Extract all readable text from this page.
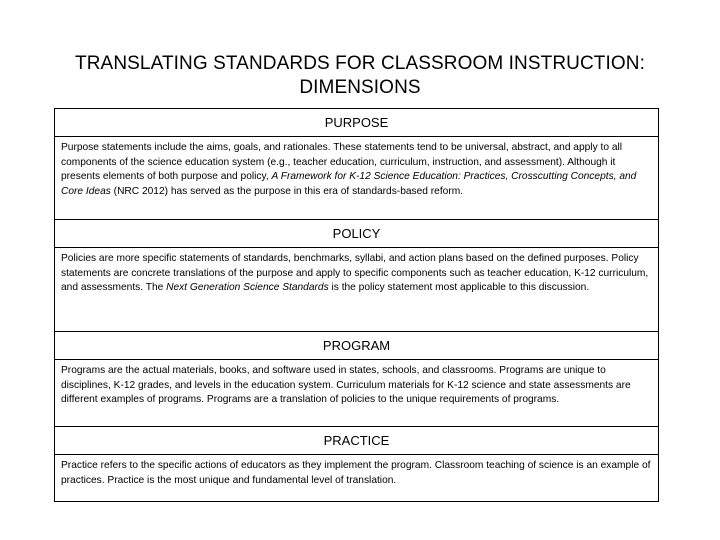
TRANSLATING STANDARDS FOR CLASSROOM INSTRUCTION:
DIMENSIONS
PURPOSE
Purpose statements include the aims, goals, and rationales. These statements tend to be universal, abstract, and apply to all components of the science education system (e.g., teacher education, curriculum, instruction, and assessment). Although it presents elements of both purpose and policy, A Framework for K-12 Science Education: Practices, Crosscutting Concepts, and Core Ideas (NRC 2012) has served as the purpose in this era of standards-based reform.
POLICY
Policies are more specific statements of standards, benchmarks, syllabi, and action plans based on the defined purposes. Policy statements are concrete translations of the purpose and apply to specific components such as teacher education, K-12 curriculum, and assessments. The Next Generation Science Standards is the policy statement most applicable to this discussion.
PROGRAM
Programs are the actual materials, books, and software used in states, schools, and classrooms. Programs are unique to disciplines, K-12 grades, and levels in the education system. Curriculum materials for K-12 science and state assessments are different examples of programs. Programs are a translation of policies to the unique requirements of programs.
PRACTICE
Practice refers to the specific actions of educators as they implement the program. Classroom teaching of science is an example of practices. Practice is the most unique and fundamental level of translation.
